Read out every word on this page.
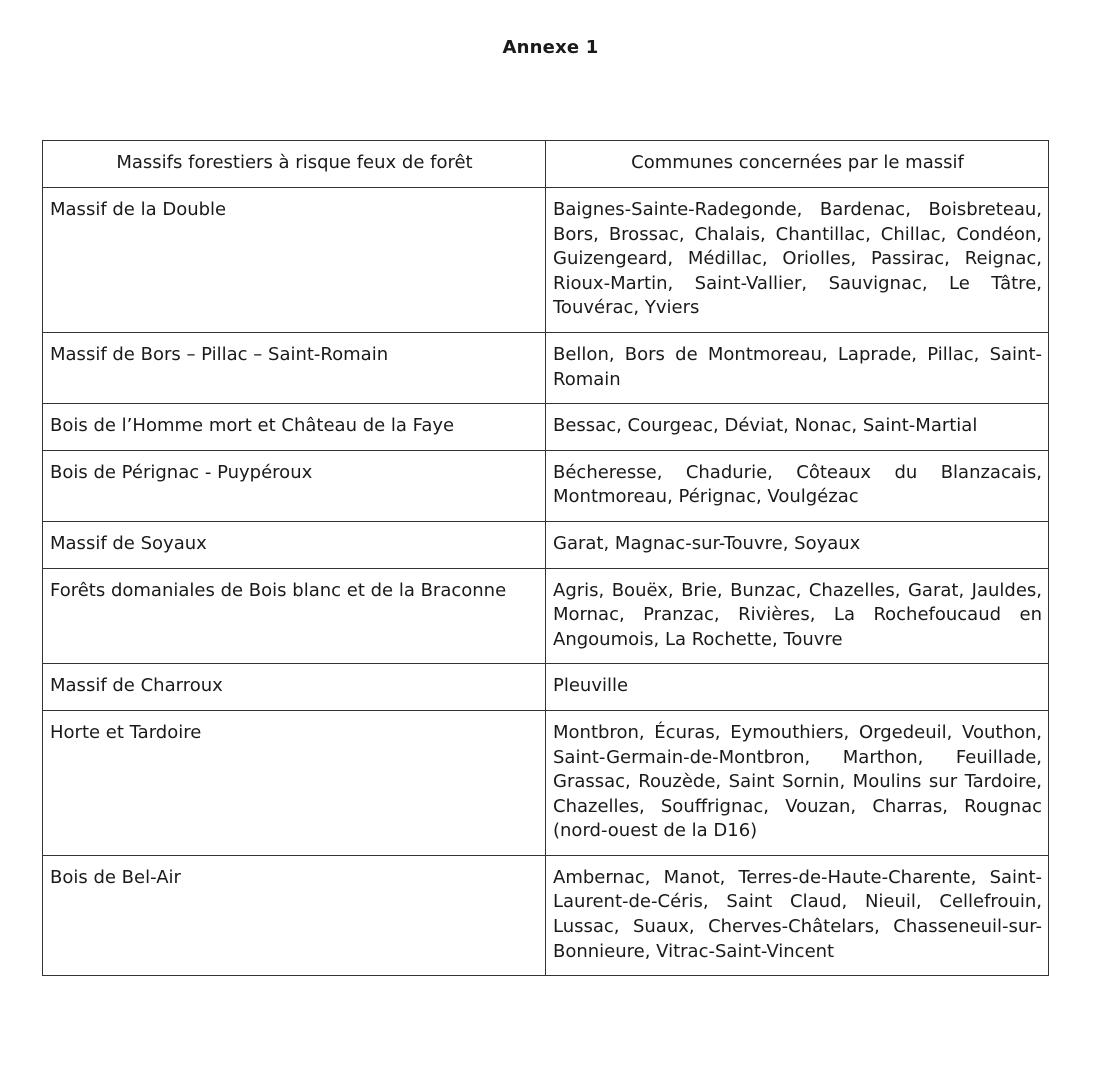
Annexe 1
Massifs forestiers à risque feux de forêt	Communes concernées par le massif
Massif de la Double	Baignes-Sainte-Radegonde, Bardenac, Boisbreteau, Bors, Brossac, Chalais, Chantillac, Chillac, Condéon, Guizengeard, Médillac, Oriolles, Passirac, Reignac, Rioux-Martin, Saint-Vallier, Sauvignac, Le Tâtre, Touvérac, Yviers
Massif de Bors – Pillac – Saint-Romain	Bellon, Bors de Montmoreau, Laprade, Pillac, Saint-Romain
Bois de l’Homme mort et Château de la Faye	Bessac, Courgeac, Déviat, Nonac, Saint-Martial
Bois de Pérignac - Puypéroux	Bécheresse, Chadurie, Côteaux du Blanzacais, Montmoreau, Pérignac, Voulgézac
Massif de Soyaux	Garat, Magnac-sur-Touvre, Soyaux
Forêts domaniales de Bois blanc et de la Braconne	Agris, Bouëx, Brie, Bunzac, Chazelles, Garat, Jauldes, Mornac, Pranzac, Rivières, La Rochefoucaud en Angoumois, La Rochette, Touvre
Massif de Charroux	Pleuville
Horte et Tardoire	Montbron, Écuras, Eymouthiers, Orgedeuil, Vouthon, Saint-Germain-de-Montbron, Marthon, Feuillade, Grassac, Rouzède, Saint Sornin, Moulins sur Tardoire, Chazelles, Souffrignac, Vouzan, Charras, Rougnac (nord-ouest de la D16)
Bois de Bel-Air	Ambernac, Manot, Terres-de-Haute-Charente, Saint-Laurent-de-Céris, Saint Claud, Nieuil, Cellefrouin, Lussac, Suaux, Cherves-Châtelars, Chasseneuil-sur-Bonnieure, Vitrac-Saint-Vincent
